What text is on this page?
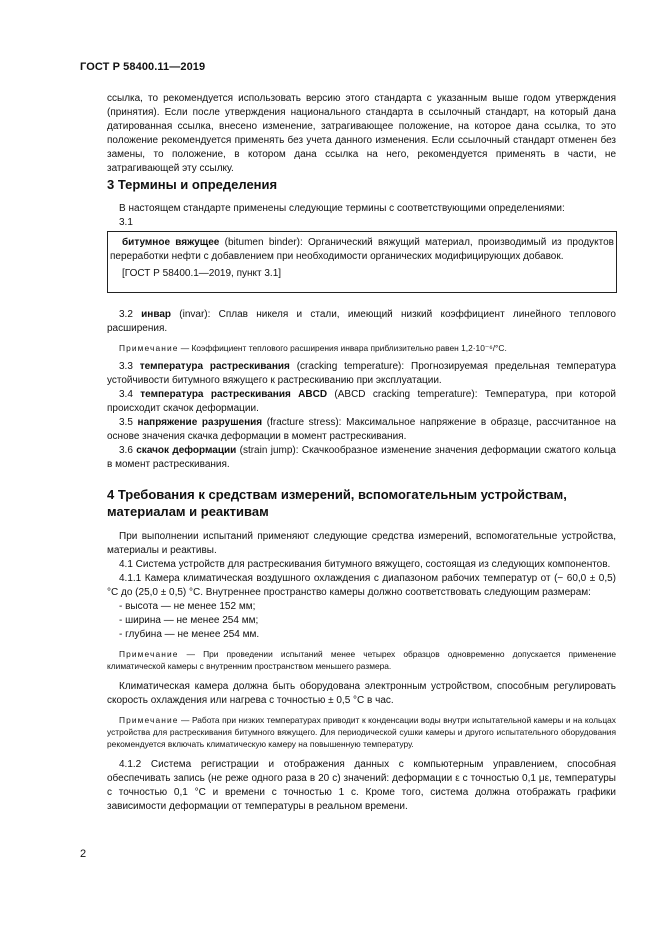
ГОСТ Р 58400.11—2019

ссылка, то рекомендуется использовать версию этого стандарта с указанным выше годом утверждения (принятия). Если после утверждения национального стандарта в ссылочный стандарт, на который дана датированная ссылка, внесено изменение, затрагивающее положение, на которое дана ссылка, то это положение рекомендуется применять без учета данного изменения. Если ссылочный стандарт отменен без замены, то положение, в котором дана ссылка на него, рекомендуется применять в части, не затрагивающей эту ссылку.

3 Термины и определения

В настоящем стандарте применены следующие термины с соответствующими определениями:

3.1

битумное вяжущее (bitumen binder): Органический вяжущий материал, производимый из продуктов переработки нефти с добавлением при необходимости органических модифицирующих добавок.

[ГОСТ Р 58400.1—2019, пункт 3.1]

3.2 инвар (invar): Сплав никеля и стали, имеющий низкий коэффициент линейного теплового расширения.

Примечание — Коэффициент теплового расширения инвара приблизительно равен 1,2·10⁻⁶/°С.

3.3 температура растрескивания (cracking temperature): Прогнозируемая предельная температура устойчивости битумного вяжущего к растрескиванию при эксплуатации.

3.4 температура растрескивания ABCD (ABCD cracking temperature): Температура, при которой происходит скачок деформации.

3.5 напряжение разрушения (fracture stress): Максимальное напряжение в образце, рассчитанное на основе значения скачка деформации в момент растрескивания.

3.6 скачок деформации (strain jump): Скачкообразное изменение значения деформации сжатого кольца в момент растрескивания.

4 Требования к средствам измерений, вспомогательным устройствам,
материалам и реактивам

При выполнении испытаний применяют следующие средства измерений, вспомогательные устройства, материалы и реактивы.

4.1 Система устройств для растрескивания битумного вяжущего, состоящая из следующих компонентов.

4.1.1 Камера климатическая воздушного охлаждения с диапазоном рабочих температур от (− 60,0 ± 0,5) °С до (25,0 ± 0,5) °С. Внутреннее пространство камеры должно соответствовать следующим размерам:

- высота — не менее 152 мм;
- ширина — не менее 254 мм;
- глубина — не менее 254 мм.

Примечание — При проведении испытаний менее четырех образцов одновременно допускается применение климатической камеры с внутренним пространством меньшего размера.

Климатическая камера должна быть оборудована электронным устройством, способным регулировать скорость охлаждения или нагрева с точностью ± 0,5 °С в час.

Примечание — Работа при низких температурах приводит к конденсации воды внутри испытательной камеры и на кольцах устройства для растрескивания битумного вяжущего. Для периодической сушки камеры и другого испытательного оборудования рекомендуется включать климатическую камеру на повышенную температуру.

4.1.2 Система регистрации и отображения данных с компьютерным управлением, способная обеспечивать запись (не реже одного раза в 20 с) значений: деформации ε с точностью 0,1 με, температуры с точностью 0,1 °С и времени с точностью 1 с. Кроме того, система должна отображать графики зависимости деформации от температуры в реальном времени.

2
